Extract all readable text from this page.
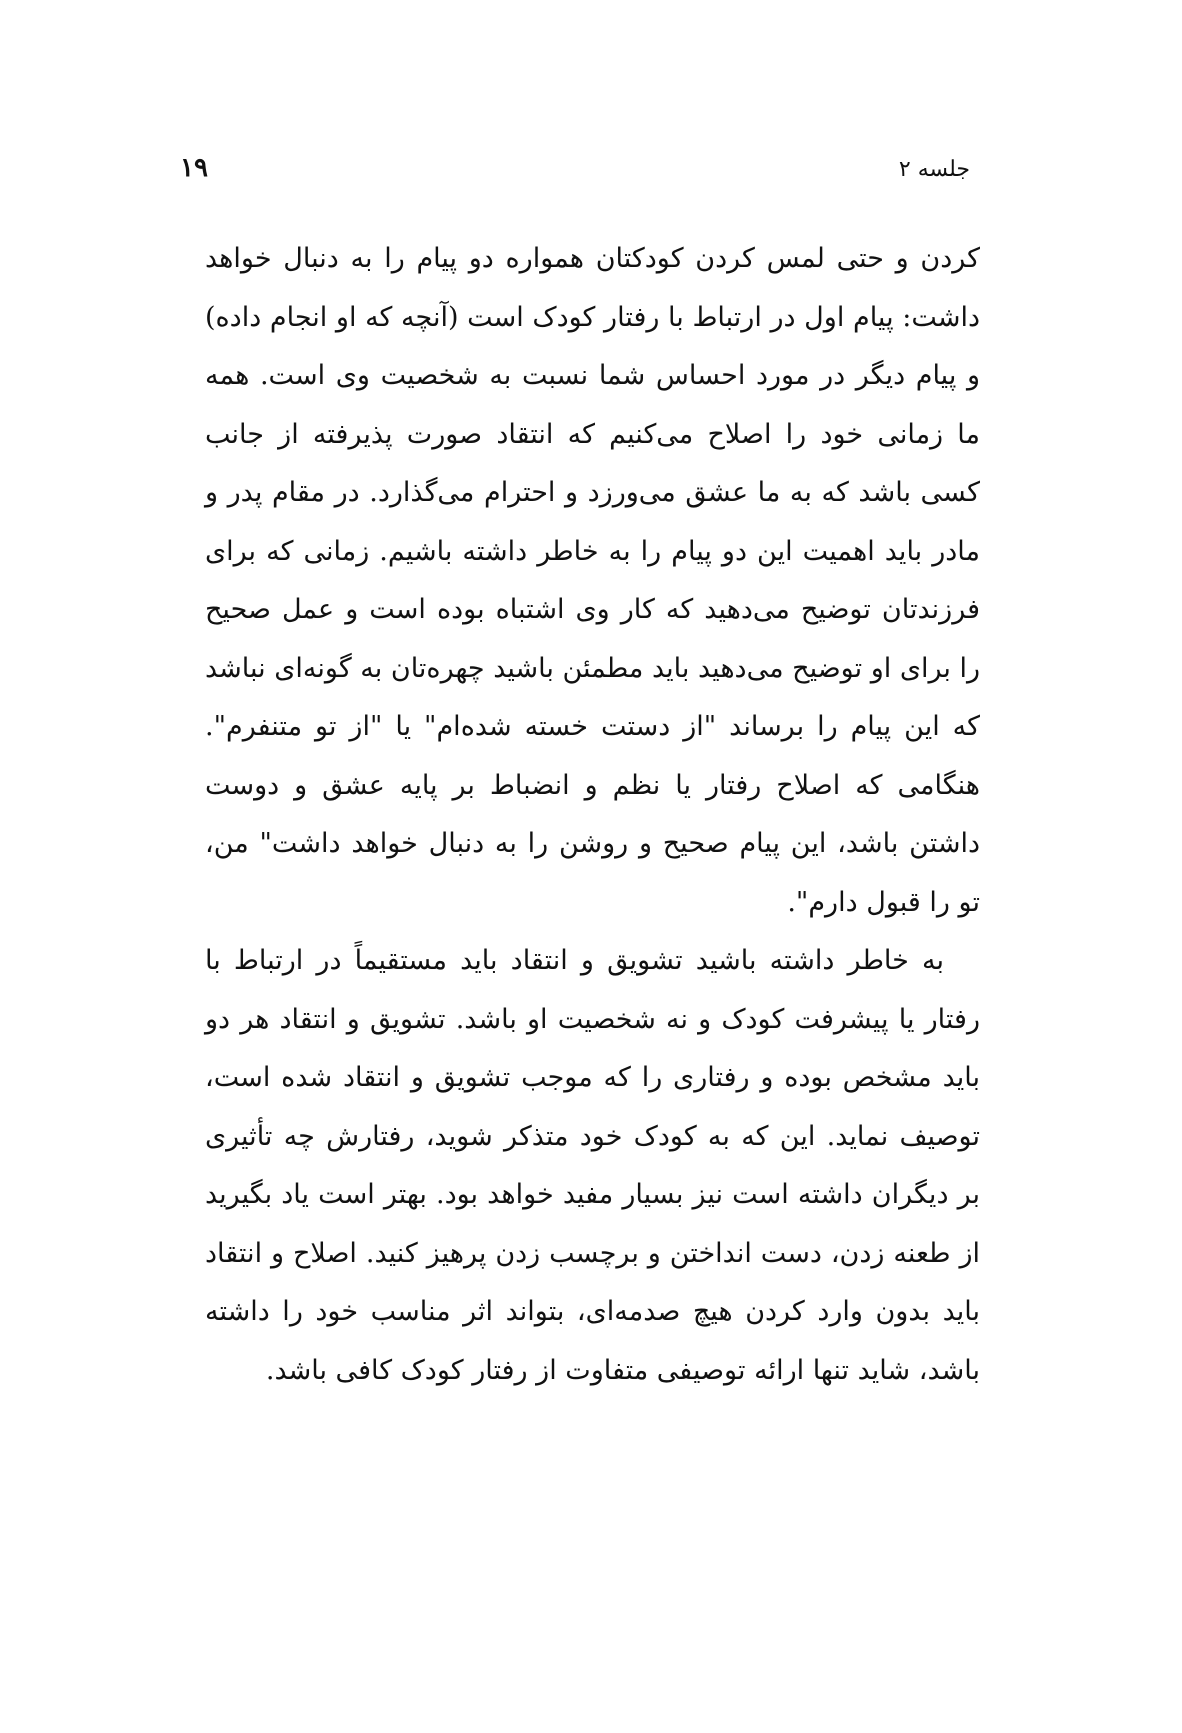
جلسه ۲
۱۹

کردن و حتی لمس کردن کودکتان همواره دو پیام را به دنبال خواهد داشت: پیام اول در ارتباط با رفتار کودک است (آنچه که او انجام داده) و پیام دیگر در مورد احساس شما نسبت به شخصیت وی است. همه ما زمانی خود را اصلاح می‌کنیم که انتقاد صورت پذیرفته از جانب کسی باشد که به ما عشق می‌ورزد و احترام می‌گذارد. در مقام پدر و مادر باید اهمیت این دو پیام را به خاطر داشته باشیم. زمانی که برای فرزندتان توضیح می‌دهید که کار وی اشتباه بوده است و عمل صحیح را برای او توضیح می‌دهید باید مطمئن باشید چهره‌تان به گونه‌ای نباشد که این پیام را برساند "از دستت خسته شده‌ام" یا "از تو متنفرم". هنگامی که اصلاح رفتار یا نظم و انضباط بر پایه عشق و دوست داشتن باشد، این پیام صحیح و روشن را به دنبال خواهد داشت" من، تو را قبول دارم".

به خاطر داشته باشید تشویق و انتقاد باید مستقیماً در ارتباط با رفتار یا پیشرفت کودک و نه شخصیت او باشد. تشویق و انتقاد هر دو باید مشخص بوده و رفتاری را که موجب تشویق و انتقاد شده است، توصیف نماید. این که به کودک خود متذکر شوید، رفتارش چه تأثیری بر دیگران داشته است نیز بسیار مفید خواهد بود. بهتر است یاد بگیرید از طعنه زدن، دست انداختن و برچسب زدن پرهیز کنید. اصلاح و انتقاد باید بدون وارد کردن هیچ صدمه‌ای، بتواند اثر مناسب خود را داشته باشد، شاید تنها ارائه توصیفی متفاوت از رفتار کودک کافی باشد.
